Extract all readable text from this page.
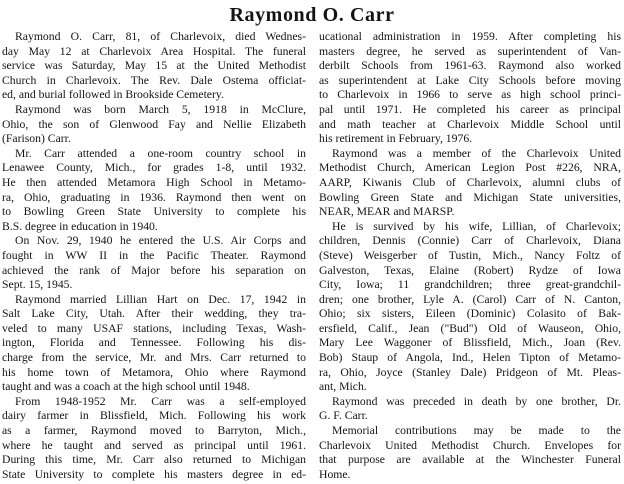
Raymond O. Carr
Raymond O. Carr, 81, of Charlevoix, died Wednes-
day May 12 at Charlevoix Area Hospital. The funeral
service was Saturday, May 15 at the United Methodist
Church in Charlevoix. The Rev. Dale Ostema officiat-
ed, and burial followed in Brookside Cemetery.
Raymond was born March 5, 1918 in McClure,
Ohio, the son of Glenwood Fay and Nellie Elizabeth
(Farison) Carr.
Mr. Carr attended a one-room country school in
Lenawee County, Mich., for grades 1-8, until 1932.
He then attended Metamora High School in Metamo-
ra, Ohio, graduating in 1936. Raymond then went on
to Bowling Green State University to complete his
B.S. degree in education in 1940.
On Nov. 29, 1940 he entered the U.S. Air Corps and
fought in WW II in the Pacific Theater. Raymond
achieved the rank of Major before his separation on
Sept. 15, 1945.
Raymond married Lillian Hart on Dec. 17, 1942 in
Salt Lake City, Utah. After their wedding, they tra-
veled to many USAF stations, including Texas, Wash-
ington, Florida and Tennessee. Following his dis-
charge from the service, Mr. and Mrs. Carr returned to
his home town of Metamora, Ohio where Raymond
taught and was a coach at the high school until 1948.
From 1948-1952 Mr. Carr was a self-employed
dairy farmer in Blissfield, Mich. Following his work
as a farmer, Raymond moved to Barryton, Mich.,
where he taught and served as principal until 1961.
During this time, Mr. Carr also returned to Michigan
State University to complete his masters degree in ed-
ucational administration in 1959. After completing his
masters degree, he served as superintendent of Van-
derbilt Schools from 1961-63. Raymond also worked
as superintendent at Lake City Schools before moving
to Charlevoix in 1966 to serve as high school princi-
pal until 1971. He completed his career as principal
and math teacher at Charlevoix Middle School until
his retirement in February, 1976.
Raymond was a member of the Charlevoix United
Methodist Church, American Legion Post #226, NRA,
AARP, Kiwanis Club of Charlevoix, alumni clubs of
Bowling Green State and Michigan State universities,
NEAR, MEAR and MARSP.
He is survived by his wife, Lillian, of Charlevoix;
children, Dennis (Connie) Carr of Charlevoix, Diana
(Steve) Weisgerber of Tustin, Mich., Nancy Foltz of
Galveston, Texas, Elaine (Robert) Rydze of Iowa
City, Iowa; 11 grandchildren; three great-grandchil-
dren; one brother, Lyle A. (Carol) Carr of N. Canton,
Ohio; six sisters, Eileen (Dominic) Colasito of Bak-
ersfield, Calif., Jean ("Bud") Old of Wauseon, Ohio,
Mary Lee Waggoner of Blissfield, Mich., Joan (Rev.
Bob) Staup of Angola, Ind., Helen Tipton of Metamo-
ra, Ohio, Joyce (Stanley Dale) Pridgeon of Mt. Pleas-
ant, Mich.
Raymond was preceded in death by one brother, Dr.
G. F. Carr.
Memorial contributions may be made to the
Charlevoix United Methodist Church. Envelopes for
that purpose are available at the Winchester Funeral
Home.
